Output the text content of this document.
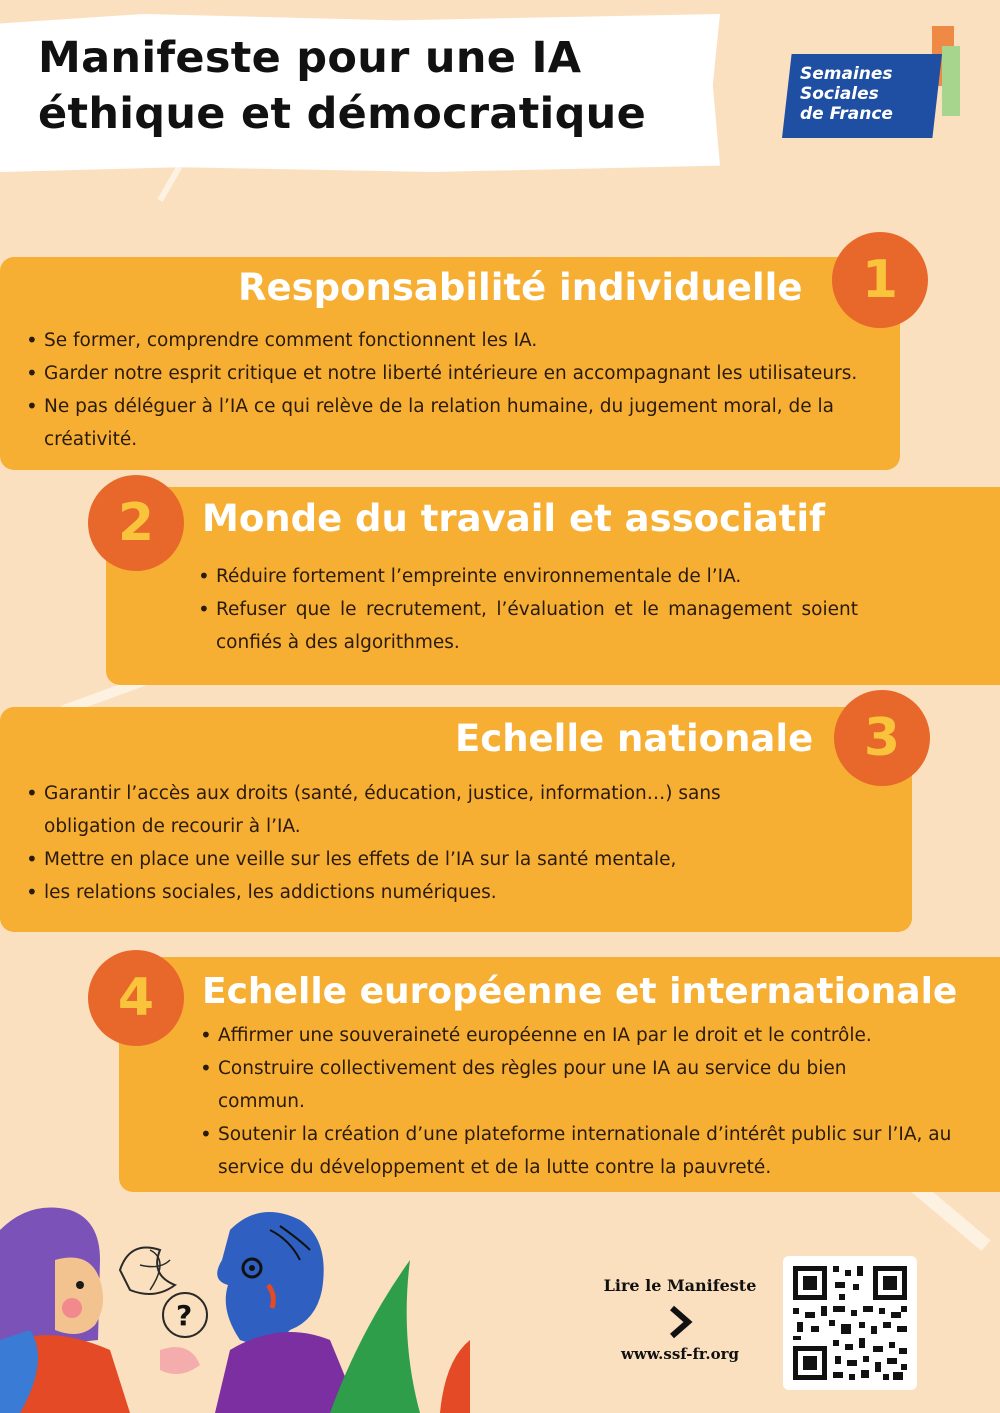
Manifeste pour une IA
éthique et démocratique

Semaines
Sociales
de France

Responsabilité individuelle	1
• Se former, comprendre comment fonctionnent les IA.
• Garder notre esprit critique et notre liberté intérieure en accompagnant les utilisateurs.
• Ne pas déléguer à l’IA ce qui relève de la relation humaine, du jugement moral, de la créativité.
Monde du travail et associatif
2
• Réduire fortement l’empreinte environnementale de l’IA.
• Refuser que le recrutement, l’évaluation et le management soient confiés à des algorithmes.
Echelle nationale 3
• Garantir l’accès aux droits (santé, éducation, justice, information…) sans obligation de recourir à l’IA.
• Mettre en place une veille sur les effets de l’IA sur la santé mentale,
• les relations sociales, les addictions numériques.
Echelle européenne et internationale
4
• Affirmer une souveraineté européenne en IA par le droit et le contrôle.
• Construire collectivement des règles pour une IA au service du bien commun.
• Soutenir la création d’une plateforme internationale d’intérêt public sur l’IA, au service du développement et de la lutte contre la pauvreté.
?
Lire le Manifeste
www.ssf-fr.org
